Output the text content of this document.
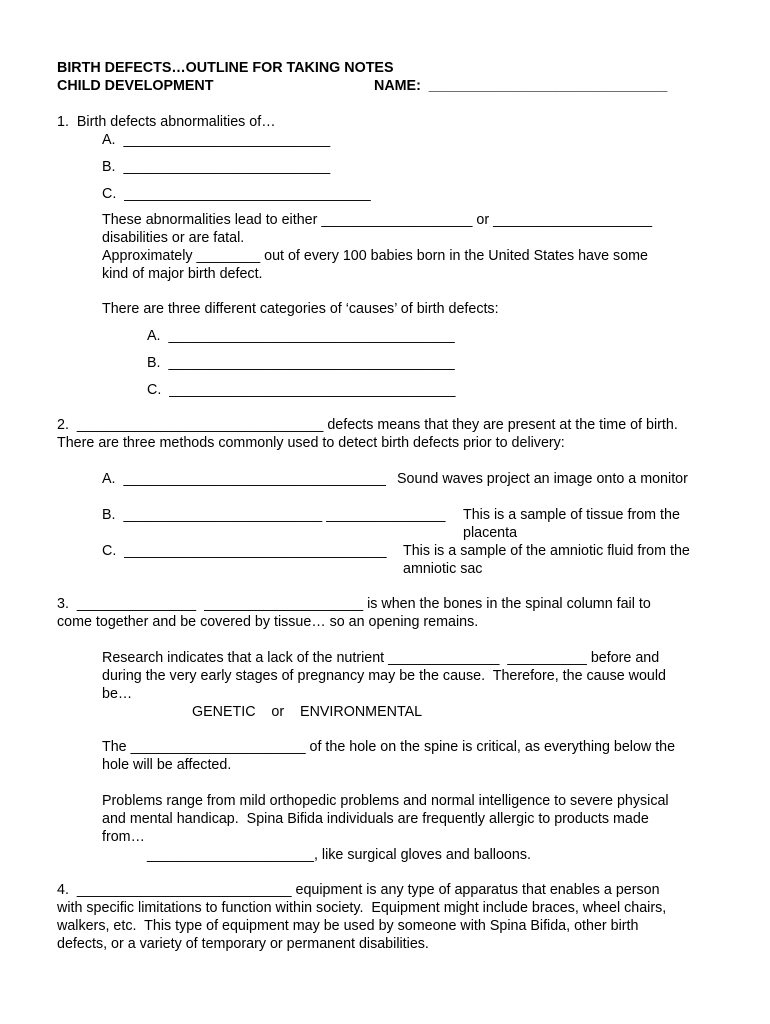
BIRTH DEFECTS…OUTLINE FOR TAKING NOTES
CHILD DEVELOPMENT	NAME:  ______________________________
1.  Birth defects abnormalities of…
A.  __________________________
B.  __________________________
C.  _______________________________
These abnormalities lead to either ___________________ or ____________________
disabilities or are fatal.
Approximately ________ out of every 100 babies born in the United States have some
kind of major birth defect.
There are three different categories of ‘causes’ of birth defects:
A.  ____________________________________
B.  ____________________________________
C.  ____________________________________
2.  _______________________________ defects means that they are present at the time of birth.
There are three methods commonly used to detect birth defects prior to delivery:
A.  _________________________________ Sound waves project an image onto a monitor
B.  _________________________ _______________ This is a sample of tissue from the
placenta
C.  _________________________________ This is a sample of the amniotic fluid from the
amniotic sac
3.  _______________  ____________________ is when the bones in the spinal column fail to
come together and be covered by tissue… so an opening remains.
Research indicates that a lack of the nutrient ______________  __________ before and
during the very early stages of pregnancy may be the cause.  Therefore, the cause would
be…
GENETIC    or    ENVIRONMENTAL
The ______________________ of the hole on the spine is critical, as everything below the
hole will be affected.
Problems range from mild orthopedic problems and normal intelligence to severe physical
and mental handicap.  Spina Bifida individuals are frequently allergic to products made
from…
_____________________, like surgical gloves and balloons.
4.  ___________________________ equipment is any type of apparatus that enables a person
with specific limitations to function within society.  Equipment might include braces, wheel chairs,
walkers, etc.  This type of equipment may be used by someone with Spina Bifida, other birth
defects, or a variety of temporary or permanent disabilities.
